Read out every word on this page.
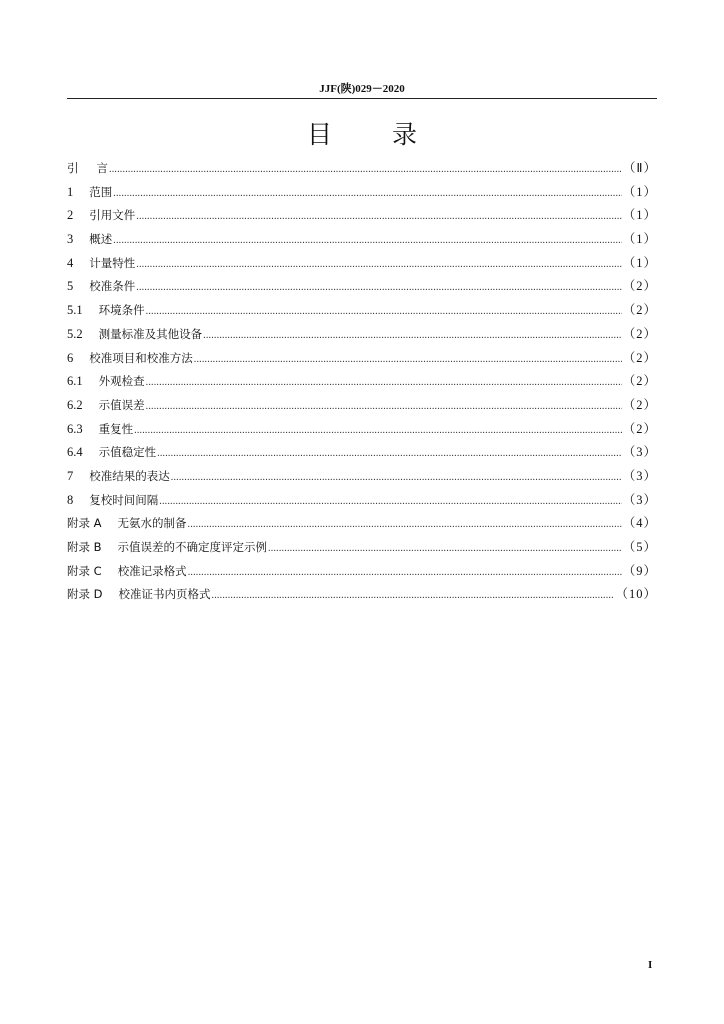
JJF(陕)029－2020
目 录
引 言 .....	（Ⅱ）
1 范围 .....	（1）
2 引用文件 .....	（1）
3 概述 .....	（1）
4 计量特性 .....	（1）
5 校准条件 .....	（2）
5.1 环境条件 .....	（2）
5.2 测量标准及其他设备 .....	（2）
6 校准项目和校准方法 .....	（2）
6.1 外观检查 .....	（2）
6.2 示值误差 .....	（2）
6.3 重复性 .....	（2）
6.4 示值稳定性 .....	（3）
7 校准结果的表达 .....	（3）
8 复校时间间隔 .....	（3）
附录 A 无氨水的制备 .....	（4）
附录 B 示值误差的不确定度评定示例 .....	（5）
附录 C 校准记录格式 .....	（9）
附录 D 校准证书内页格式 .....	（10）
I
